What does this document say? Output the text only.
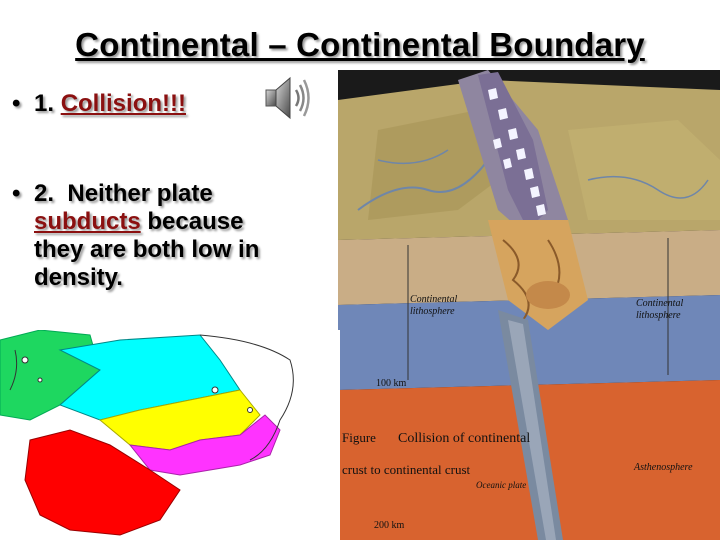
Continental – Continental Boundary
• 1. Collision!!!
• 2. Neither plate
subducts because
they are both low in
density.
Continental
lithosphere
Continental
lithosphere
100 km
200 km
Asthenosphere
Oceanic plate
Figure Collision of continental
crust to continental crust
